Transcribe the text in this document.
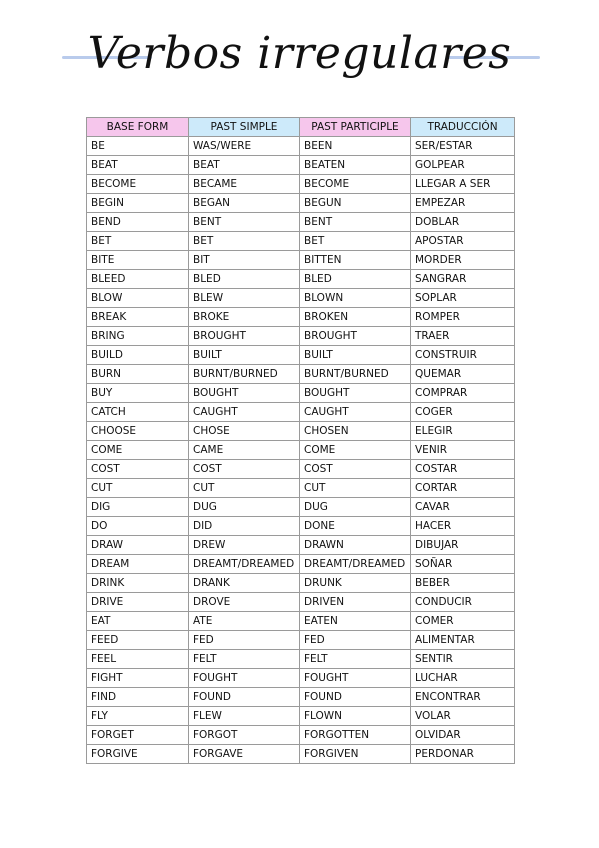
Verbos irregulares
BASE FORM	PAST SIMPLE	PAST PARTICIPLE	TRADUCCIÓN
BE	WAS/WERE	BEEN	SER/ESTAR
BEAT	BEAT	BEATEN	GOLPEAR
BECOME	BECAME	BECOME	LLEGAR A SER
BEGIN	BEGAN	BEGUN	EMPEZAR
BEND	BENT	BENT	DOBLAR
BET	BET	BET	APOSTAR
BITE	BIT	BITTEN	MORDER
BLEED	BLED	BLED	SANGRAR
BLOW	BLEW	BLOWN	SOPLAR
BREAK	BROKE	BROKEN	ROMPER
BRING	BROUGHT	BROUGHT	TRAER
BUILD	BUILT	BUILT	CONSTRUIR
BURN	BURNT/BURNED	BURNT/BURNED	QUEMAR
BUY	BOUGHT	BOUGHT	COMPRAR
CATCH	CAUGHT	CAUGHT	COGER
CHOOSE	CHOSE	CHOSEN	ELEGIR
COME	CAME	COME	VENIR
COST	COST	COST	COSTAR
CUT	CUT	CUT	CORTAR
DIG	DUG	DUG	CAVAR
DO	DID	DONE	HACER
DRAW	DREW	DRAWN	DIBUJAR
DREAM	DREAMT/DREAMED	DREAMT/DREAMED	SOÑAR
DRINK	DRANK	DRUNK	BEBER
DRIVE	DROVE	DRIVEN	CONDUCIR
EAT	ATE	EATEN	COMER
FEED	FED	FED	ALIMENTAR
FEEL	FELT	FELT	SENTIR
FIGHT	FOUGHT	FOUGHT	LUCHAR
FIND	FOUND	FOUND	ENCONTRAR
FLY	FLEW	FLOWN	VOLAR
FORGET	FORGOT	FORGOTTEN	OLVIDAR
FORGIVE	FORGAVE	FORGIVEN	PERDONAR
